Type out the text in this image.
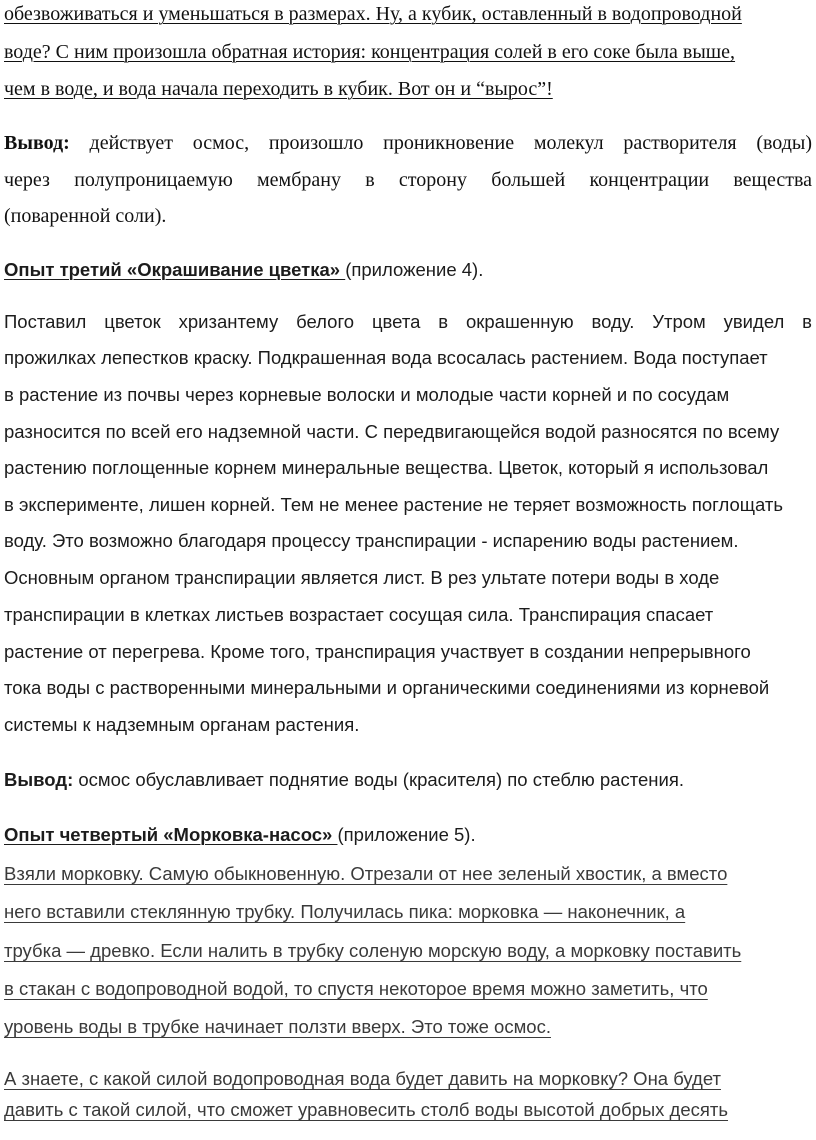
обезвоживаться и уменьшаться в размерах. Ну, а кубик, оставленный в водопроводной
воде? С ним произошла обратная история: концентрация солей в его соке была выше,
чем в воде, и вода начала переходить в кубик. Вот он и “вырос”!
Вывод: действует осмос, произошло проникновение молекул растворителя (воды)
через полупроницаемую мембрану в сторону большей концентрации вещества
(поваренной соли).
Опыт третий «Окрашивание цветка» (приложение 4).
Поставил цветок хризантему белого цвета в окрашенную воду. Утром увидел в
прожилках лепестков краску. Подкрашенная вода всосалась растением. Вода поступает
в растение из почвы через корневые волоски и молодые части корней и по сосудам
разносится по всей его надземной части. С передвигающейся водой разносятся по всему
растению поглощенные корнем минеральные вещества. Цветок, который я использовал
в эксперименте, лишен корней. Тем не менее растение не теряет возможность поглощать
воду. Это возможно благодаря процессу транспирации - испарению воды растением.
Основным органом транспирации является лист. В рез ультате потери воды в ходе
транспирации в клетках листьев возрастает сосущая сила. Транспирация спасает
растение от перегрева. Кроме того, транспирация участвует в создании непрерывного
тока воды с растворенными минеральными и органическими соединениями из корневой
системы к надземным органам растения.
Вывод: осмос обуславливает поднятие воды (красителя) по стеблю растения.
Опыт четвертый «Морковка-насос» (приложение 5).
Взяли морковку. Самую обыкновенную. Отрезали от нее зеленый хвостик, а вместо
него вставили стеклянную трубку. Получилась пика: морковка — наконечник, а
трубка — древко. Если налить в трубку соленую морскую воду, а морковку поставить
в стакан с водопроводной водой, то спустя некоторое время можно заметить, что
уровень воды в трубке начинает ползти вверх. Это тоже осмос.
А знаете, с какой силой водопроводная вода будет давить на морковку? Она будет
давить с такой силой, что сможет уравновесить столб воды высотой добрых десять
